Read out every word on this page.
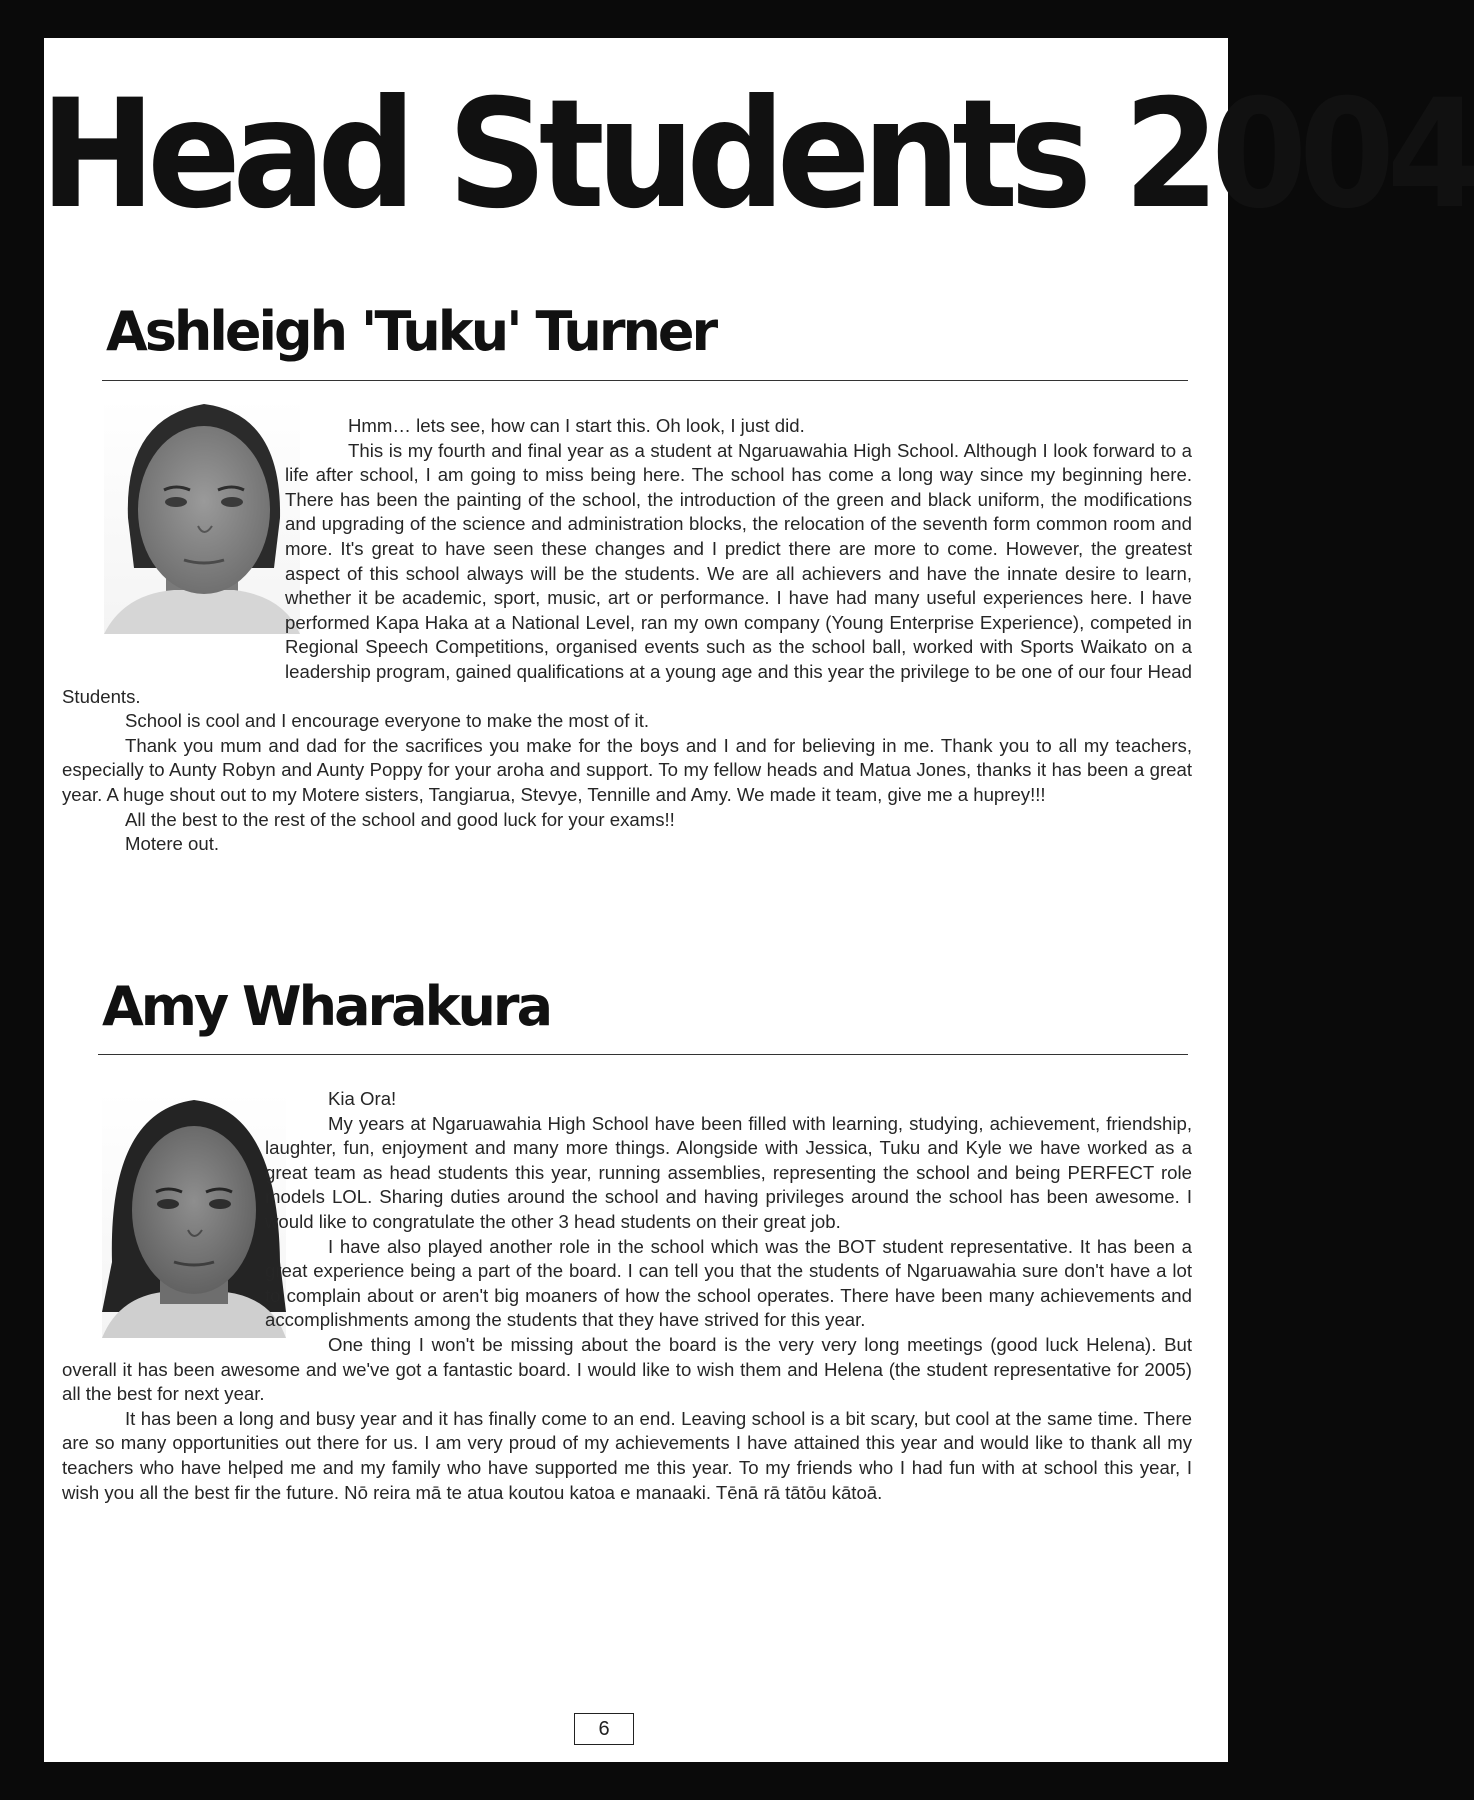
Head Students 2004
Ashleigh 'Tuku' Turner

Hmm… lets see, how can I start this. Oh look, I just did.

This is my fourth and final year as a student at Ngaruawahia High School. Although I look forward to a life after school, I am going to miss being here. The school has come a long way since my beginning here. There has been the painting of the school, the introduction of the green and black uniform, the modifications and upgrading of the science and administration blocks, the relocation of the seventh form common room and more. It's great to have seen these changes and I predict there are more to come. However, the greatest aspect of this school always will be the students. We are all achievers and have the innate desire to learn, whether it be academic, sport, music, art or performance. I have had many useful experiences here. I have performed Kapa Haka at a National Level, ran my own company (Young Enterprise Experience), competed in Regional Speech Competitions, organised events such as the school ball, worked with Sports Waikato on a leadership program, gained qualifications at a young age and this year the privilege to be one of our four Head Students.

School is cool and I encourage everyone to make the most of it.

Thank you mum and dad for the sacrifices you make for the boys and I and for believing in me. Thank you to all my teachers, especially to Aunty Robyn and Aunty Poppy for your aroha and support. To my fellow heads and Matua Jones, thanks it has been a great year. A huge shout out to my Motere sisters, Tangiarua, Stevye, Tennille and Amy. We made it team, give me a huprey!!!

All the best to the rest of the school and good luck for your exams!!

Motere out.

Amy Wharakura

Kia Ora!

My years at Ngaruawahia High School have been filled with learning, studying, achievement, friendship, laughter, fun, enjoyment and many more things. Alongside with Jessica, Tuku and Kyle we have worked as a great team as head students this year, running assemblies, representing the school and being PERFECT role models LOL. Sharing duties around the school and having privileges around the school has been awesome. I would like to congratulate the other 3 head students on their great job.

I have also played another role in the school which was the BOT student representative. It has been a great experience being a part of the board. I can tell you that the students of Ngaruawahia sure don't have a lot to complain about or aren't big moaners of how the school operates. There have been many achievements and accomplishments among the students that they have strived for this year.

One thing I won't be missing about the board is the very very long meetings (good luck Helena). But overall it has been awesome and we've got a fantastic board. I would like to wish them and Helena (the student representative for 2005) all the best for next year.

It has been a long and busy year and it has finally come to an end. Leaving school is a bit scary, but cool at the same time. There are so many opportunities out there for us. I am very proud of my achievements I have attained this year and would like to thank all my teachers who have helped me and my family who have supported me this year. To my friends who I had fun with at school this year, I wish you all the best fir the future. Nō reira mā te atua koutou katoa e manaaki. Tēnā rā tātōu kātoā.

6
